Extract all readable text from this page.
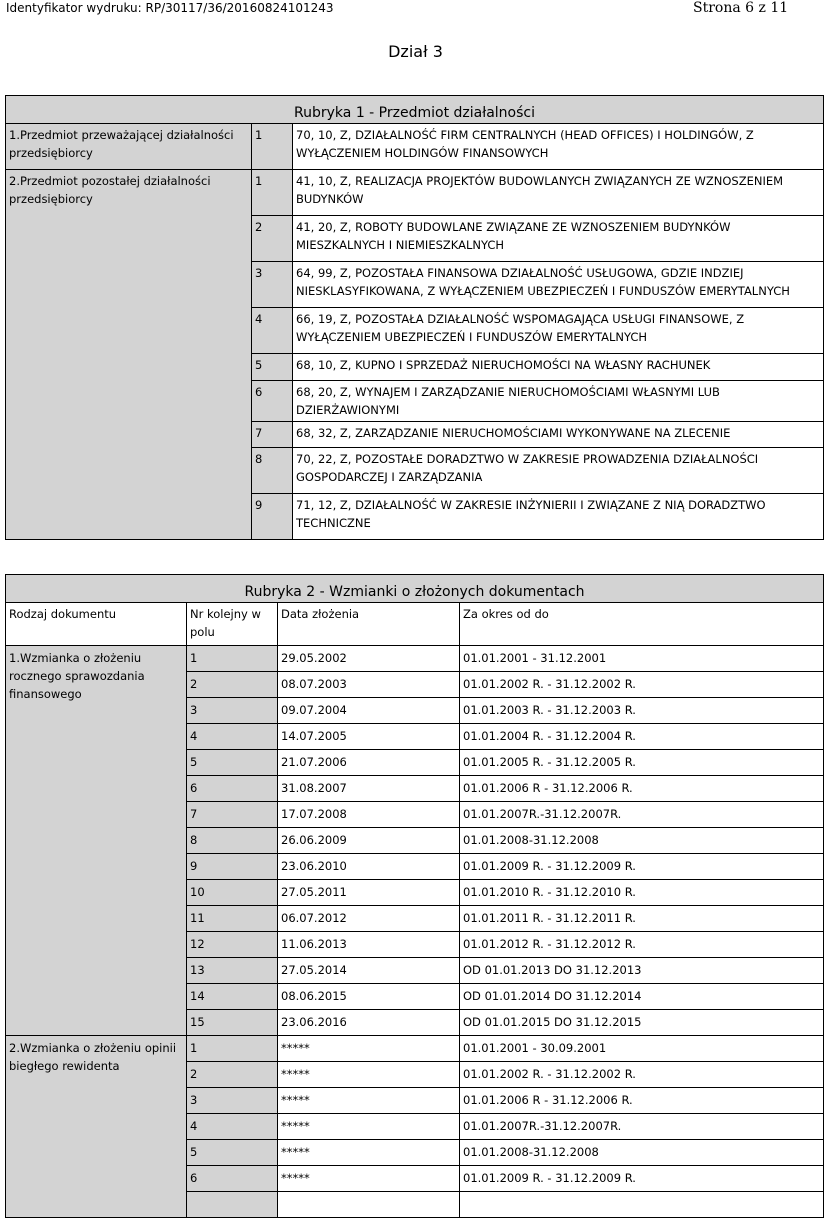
Identyfikator wydruku: RP/30117/36/20160824101243	Strona 6 z 11
Dział 3
Rubryka 1 - Przedmiot działalności		
1.Przedmiot przeważającej działalności przedsiębiorcy	1	70, 10, Z, DZIAŁALNOŚĆ FIRM CENTRALNYCH (HEAD OFFICES) I HOLDINGÓW, Z WYŁĄCZENIEM HOLDINGÓW FINANSOWYCH
2.Przedmiot pozostałej działalności przedsiębiorcy	1	41, 10, Z, REALIZACJA PROJEKTÓW BUDOWLANYCH ZWIĄZANYCH ZE WZNOSZENIEM BUDYNKÓW
	2	41, 20, Z, ROBOTY BUDOWLANE ZWIĄZANE ZE WZNOSZENIEM BUDYNKÓW MIESZKALNYCH I NIEMIESZKALNYCH
	3	64, 99, Z, POZOSTAŁA FINANSOWA DZIAŁALNOŚĆ USŁUGOWA, GDZIE INDZIEJ NIESKLASYFIKOWANA, Z WYŁĄCZENIEM UBEZPIECZEŃ I FUNDUSZÓW EMERYTALNYCH
	4	66, 19, Z, POZOSTAŁA DZIAŁALNOŚĆ WSPOMAGAJĄCA USŁUGI FINANSOWE, Z WYŁĄCZENIEM UBEZPIECZEŃ I FUNDUSZÓW EMERYTALNYCH
	5	68, 10, Z, KUPNO I SPRZEDAŻ NIERUCHOMOŚCI NA WŁASNY RACHUNEK
	6	68, 20, Z, WYNAJEM I ZARZĄDZANIE NIERUCHOMOŚCIAMI WŁASNYMI LUB DZIERŻAWIONYMI
	7	68, 32, Z, ZARZĄDZANIE NIERUCHOMOŚCIAMI WYKONYWANE NA ZLECENIE
	8	70, 22, Z, POZOSTAŁE DORADZTWO W ZAKRESIE PROWADZENIA DZIAŁALNOŚCI GOSPODARCZEJ I ZARZĄDZANIA
	9	71, 12, Z, DZIAŁALNOŚĆ W ZAKRESIE INŻYNIERII I ZWIĄZANE Z NIĄ DORADZTWO TECHNICZNE
Rubryka 2 - Wzmianki o złożonych dokumentach			
Rodzaj dokumentu	Nr kolejny w polu	Data złożenia	Za okres od do
1.Wzmianka o złożeniu rocznego sprawozdania finansowego	1	29.05.2002	01.01.2001 - 31.12.2001
	2	08.07.2003	01.01.2002 R. - 31.12.2002 R.
	3	09.07.2004	01.01.2003 R. - 31.12.2003 R.
	4	14.07.2005	01.01.2004 R. - 31.12.2004 R.
	5	21.07.2006	01.01.2005 R. - 31.12.2005 R.
	6	31.08.2007	01.01.2006 R - 31.12.2006 R.
	7	17.07.2008	01.01.2007R.-31.12.2007R.
	8	26.06.2009	01.01.2008-31.12.2008
	9	23.06.2010	01.01.2009 R. - 31.12.2009 R.
	10	27.05.2011	01.01.2010 R. - 31.12.2010 R.
	11	06.07.2012	01.01.2011 R. - 31.12.2011 R.
	12	11.06.2013	01.01.2012 R. - 31.12.2012 R.
	13	27.05.2014	OD 01.01.2013 DO 31.12.2013
	14	08.06.2015	OD 01.01.2014 DO 31.12.2014
	15	23.06.2016	OD 01.01.2015 DO 31.12.2015
2.Wzmianka o złożeniu opinii biegłego rewidenta	1	*****	01.01.2001 - 30.09.2001
	2	*****	01.01.2002 R. - 31.12.2002 R.
	3	*****	01.01.2006 R - 31.12.2006 R.
	4	*****	01.01.2007R.-31.12.2007R.
	5	*****	01.01.2008-31.12.2008
	6	*****	01.01.2009 R. - 31.12.2009 R.
